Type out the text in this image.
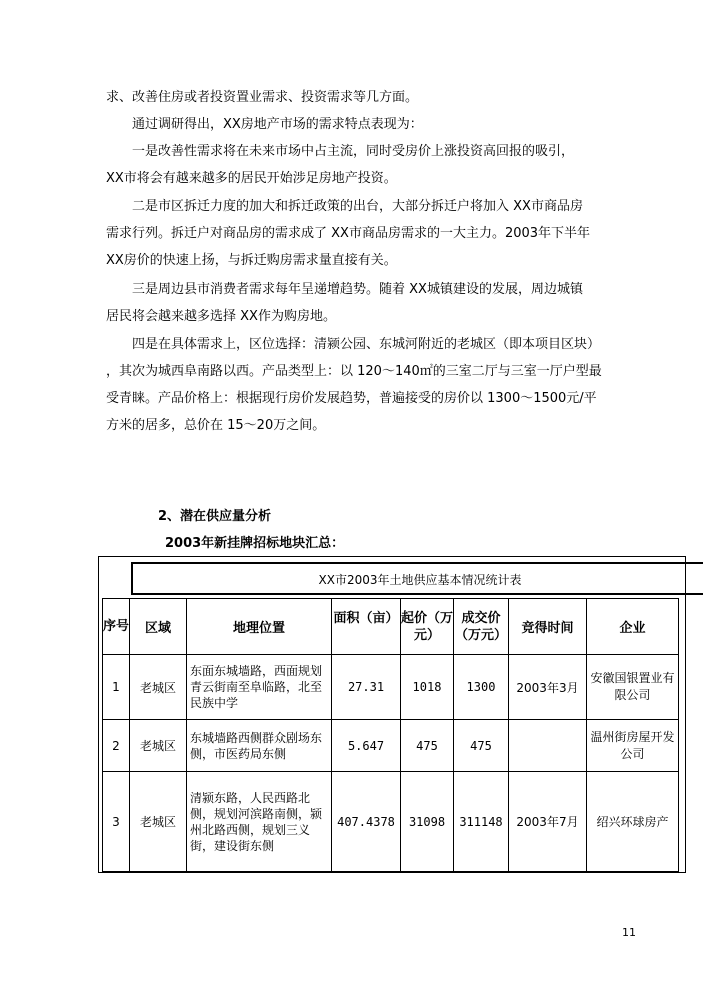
求、改善住房或者投资置业需求、投资需求等几方面。
通过调研得出，XX房地产市场的需求特点表现为：
一是改善性需求将在未来市场中占主流，同时受房价上涨投资高回报的吸引，
XX市将会有越来越多的居民开始涉足房地产投资。
二是市区拆迁力度的加大和拆迁政策的出台，大部分拆迁户将加入 XX市商品房
需求行列。拆迁户对商品房的需求成了 XX市商品房需求的一大主力。2003年下半年
XX房价的快速上扬，与拆迁购房需求量直接有关。
三是周边县市消费者需求每年呈递增趋势。随着 XX城镇建设的发展，周边城镇
居民将会越来越多选择 XX作为购房地。
四是在具体需求上，区位选择：清颍公园、东城河附近的老城区（即本项目区块）
，其次为城西阜南路以西。产品类型上：以 120～140㎡的三室二厅与三室一厅户型最
受青睐。产品价格上：根据现行房价发展趋势，普遍接受的房价以 1300～1500元/平
方米的居多，总价在 15～20万之间。
2、潜在供应量分析
2003年新挂牌招标地块汇总：
XX市2003年土地供应基本情况统计表
序号	区域	地理位置	面积（亩）	起价（万元）	成交价（万元）	竞得时间	企业
1	老城区	东面东城墙路，西面规划青云街南至阜临路，北至民族中学	27.31	1018	1300	2003年3月	安徽国银置业有限公司
2	老城区	东城墙路西侧群众剧场东侧，市医药局东侧	5.647	475	475		温州街房屋开发公司
3	老城区	清颍东路，人民西路北侧，规划河滨路南侧，颍州北路西侧，规划三义街，建设街东侧	407.4378	31098	311148	2003年7月	绍兴环球房产
11
